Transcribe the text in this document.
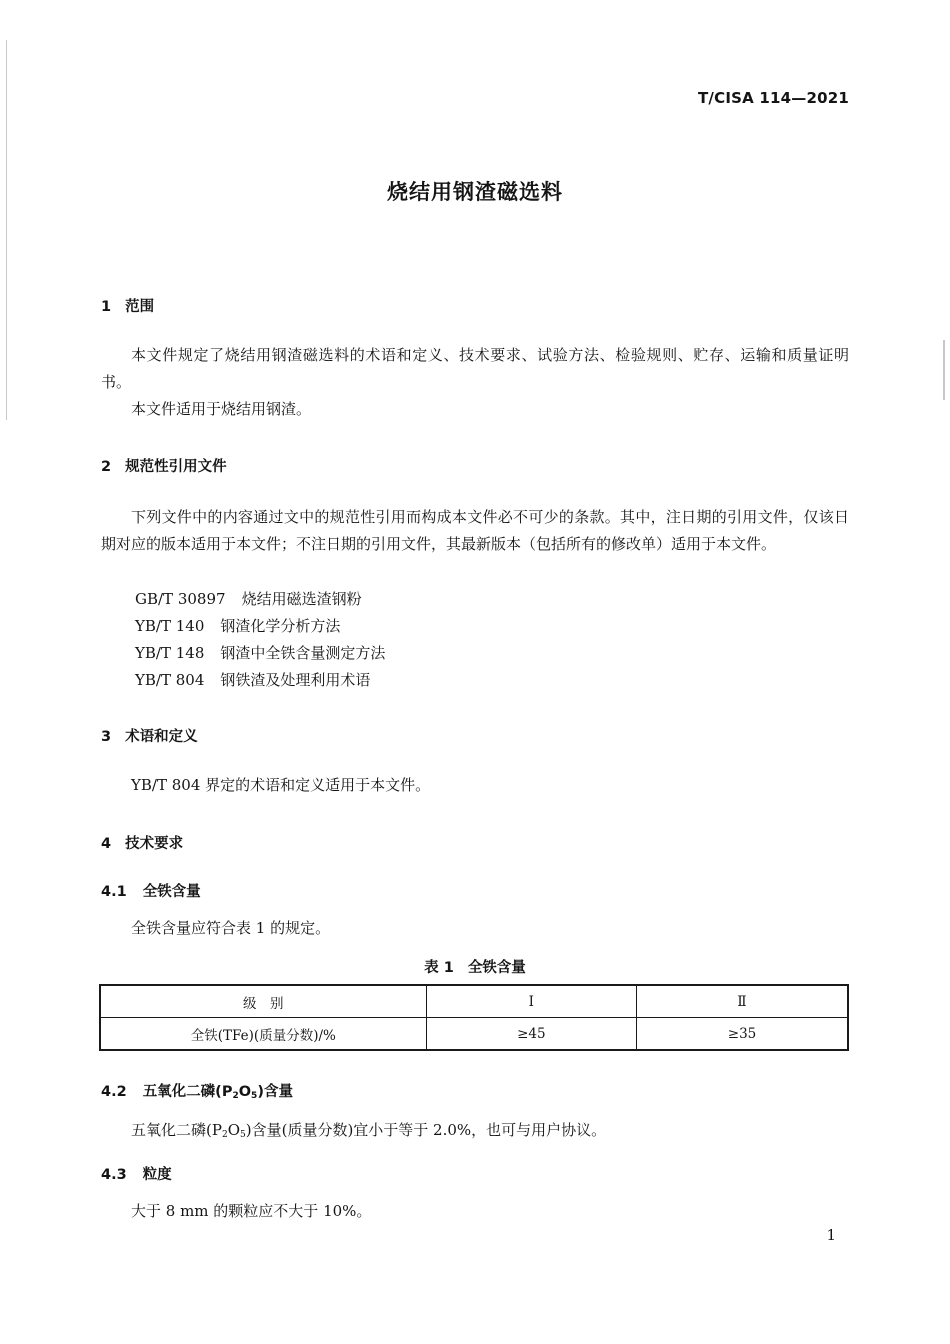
T/CISA 114—2021
烧结用钢渣磁选料
1 范围

本文件规定了烧结用钢渣磁选料的术语和定义、技术要求、试验方法、检验规则、贮存、运输和质量证明书。

本文件适用于烧结用钢渣。

2 规范性引用文件

下列文件中的内容通过文中的规范性引用而构成本文件必不可少的条款。其中，注日期的引用文件，仅该日期对应的版本适用于本文件；不注日期的引用文件，其最新版本（包括所有的修改单）适用于本文件。

GB/T 30897 烧结用磁选渣钢粉
YB/T 140 钢渣化学分析方法
YB/T 148 钢渣中全铁含量测定方法
YB/T 804 钢铁渣及处理利用术语
3 术语和定义

YB/T 804 界定的术语和定义适用于本文件。

4 技术要求
4.1 全铁含量

全铁含量应符合表 1 的规定。

表 1 全铁含量
级　别	Ⅰ	Ⅱ
全铁(TFe)(质量分数)/%	≥45	≥35
4.2 五氧化二磷$(P_2O_5)$含量

五氧化二磷$(P_2O_5)$含量(质量分数)宜小于等于 2.0%，也可与用户协议。

4.3 粒度

大于 8 mm 的颗粒应不大于 10%。

1
